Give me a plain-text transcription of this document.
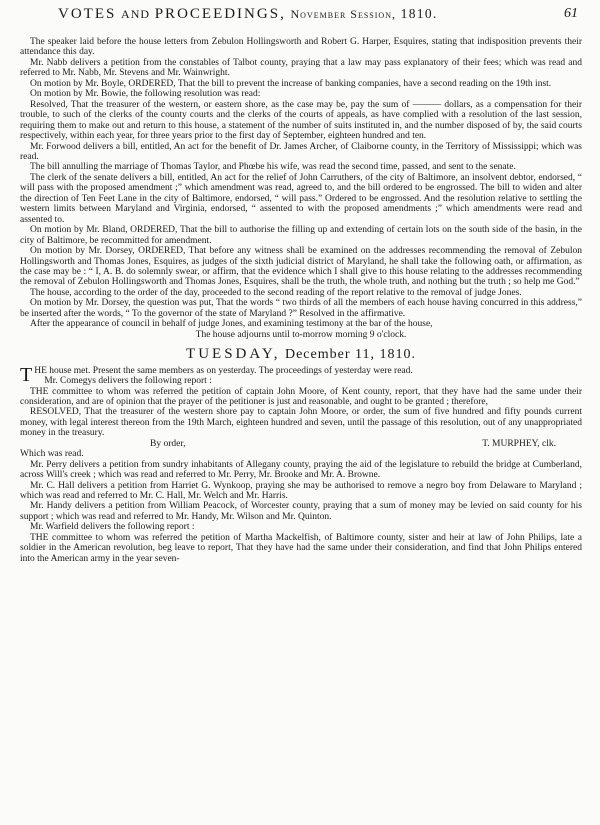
VOTES AND PROCEEDINGS, November Session, 1810.	61

The speaker laid before the house letters from Zebulon Hollingsworth and Robert G. Harper, Esquires, stating that indisposition prevents their attendance this day.

Mr. Nabb delivers a petition from the constables of Talbot county, praying that a law may pass explanatory of their fees; which was read and referred to Mr. Nabb, Mr. Stevens and Mr. Wainwright.

On motion by Mr. Boyle, ORDERED, That the bill to prevent the increase of banking companies, have a second reading on the 19th inst.

On motion by Mr. Bowie, the following resolution was read:

Resolved, That the treasurer of the western, or eastern shore, as the case may be, pay the sum of ——— dollars, as a compensation for their trouble, to such of the clerks of the county courts and the clerks of the courts of appeals, as have complied with a resolution of the last session, requiring them to make out and return to this house, a statement of the number of suits instituted in, and the number disposed of by, the said courts respectively, within each year, for three years prior to the first day of September, eighteen hundred and ten.

Mr. Forwood delivers a bill, entitled, An act for the benefit of Dr. James Archer, of Claiborne county, in the Territory of Mississippi; which was read.

The bill annulling the marriage of Thomas Taylor, and Phœbe his wife, was read the second time, passed, and sent to the senate.

The clerk of the senate delivers a bill, entitled, An act for the relief of John Carruthers, of the city of Baltimore, an insolvent debtor, endorsed, “ will pass with the proposed amendment ;” which amendment was read, agreed to, and the bill ordered to be engrossed. The bill to widen and alter the direction of Ten Feet Lane in the city of Baltimore, endorsed, “ will pass.” Ordered to be engrossed. And the resolution relative to settling the western limits between Maryland and Virginia, endorsed, “ assented to with the proposed amendments ;” which amendments were read and assented to.

On motion by Mr. Bland, ORDERED, That the bill to authorise the filling up and extending of certain lots on the south side of the basin, in the city of Baltimore, be recommitted for amendment.

On motion by Mr. Dorsey, ORDERED, That before any witness shall be examined on the addresses recommending the removal of Zebulon Hollingsworth and Thomas Jones, Esquires, as judges of the sixth judicial district of Maryland, he shall take the following oath, or affirmation, as the case may be : “ I, A. B. do solemnly swear, or affirm, that the evidence which I shall give to this house relating to the addresses recommending the removal of Zebulon Hollingsworth and Thomas Jones, Esquires, shall be the truth, the whole truth, and nothing but the truth ; so help me God.”

The house, according to the order of the day, proceeded to the second reading of the report relative to the removal of judge Jones.

On motion by Mr. Dorsey, the question was put, That the words “ two thirds of all the members of each house having concurred in this address,” be inserted after the words, “ To the governor of the state of Maryland ?” Resolved in the affirmative.

After the appearance of council in behalf of judge Jones, and examining testimony at the bar of the house,

The house adjourns until to-morrow morning 9 o'clock.

TUESDAY, December 11, 1810.

THE house met. Present the same members as on yesterday. The proceedings of yesterday were read.

Mr. Comegys delivers the following report :

THE committee to whom was referred the petition of captain John Moore, of Kent county, report, that they have had the same under their consideration, and are of opinion that the prayer of the petitioner is just and reasonable, and ought to be granted ; therefore,

RESOLVED, That the treasurer of the western shore pay to captain John Moore, or order, the sum of five hundred and fifty pounds current money, with legal interest thereon from the 19th March, eighteen hundred and seven, until the passage of this resolution, out of any unappropriated money in the treasury.

By order,	T. MURPHEY, clk.

Which was read.

Mr. Perry delivers a petition from sundry inhabitants of Allegany county, praying the aid of the legislature to rebuild the bridge at Cumberland, across Will's creek ; which was read and referred to Mr. Perry, Mr. Brooke and Mr. A. Browne.

Mr. C. Hall delivers a petition from Harriet G. Wynkoop, praying she may be authorised to remove a negro boy from Delaware to Maryland ; which was read and referred to Mr. C. Hall, Mr. Welch and Mr. Harris.

Mr. Handy delivers a petition from William Peacock, of Worcester county, praying that a sum of money may be levied on said county for his support ; which was read and referred to Mr. Handy, Mr. Wilson and Mr. Quinton.

Mr. Warfield delivers the following report :

THE committee to whom was referred the petition of Martha Mackelfish, of Baltimore county, sister and heir at law of John Philips, late a soldier in the American revolution, beg leave to report, That they have had the same under their consideration, and find that John Philips entered into the American army in the year seven-
